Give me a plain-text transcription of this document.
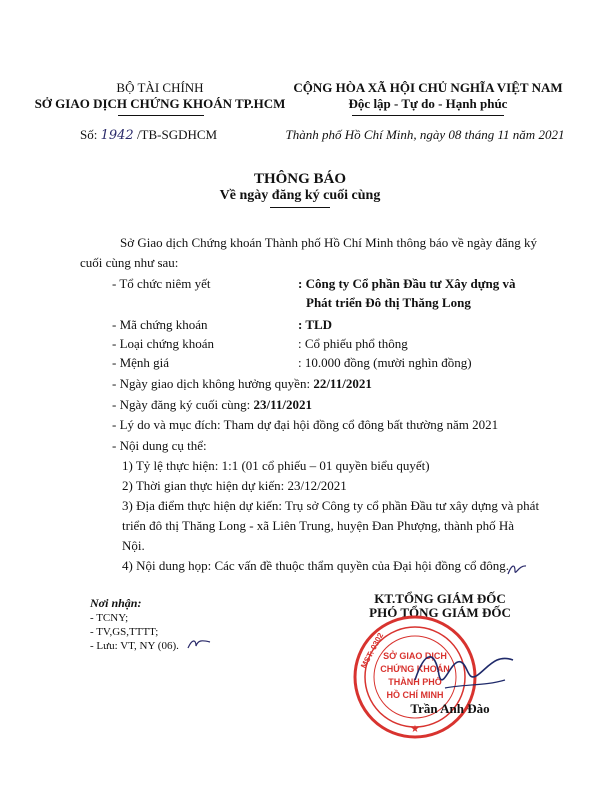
BỘ TÀI CHÍNH
SỞ GIAO DỊCH CHỨNG KHOÁN TP.HCM
Số: 1942 /TB-SGDHCM
CỘNG HÒA XÃ HỘI CHỦ NGHĨA VIỆT NAM
Độc lập - Tự do - Hạnh phúc
Thành phố Hồ Chí Minh, ngày 08 tháng 11 năm 2021
THÔNG BÁO
Về ngày đăng ký cuối cùng
Sở Giao dịch Chứng khoán Thành phố Hồ Chí Minh thông báo về ngày đăng ký
cuối cùng như sau:
- Tổ chức niêm yết	: Công ty Cổ phần Đầu tư Xây dựng và
Phát triển Đô thị Thăng Long
- Mã chứng khoán	: TLD
- Loại chứng khoán	: Cổ phiếu phổ thông
- Mệnh giá	: 10.000 đồng (mười nghìn đồng)
- Ngày giao dịch không hưởng quyền: 22/11/2021
- Ngày đăng ký cuối cùng: 23/11/2021
- Lý do và mục đích: Tham dự đại hội đồng cổ đông bất thường năm 2021
- Nội dung cụ thể:
1) Tỷ lệ thực hiện: 1:1 (01 cổ phiếu – 01 quyền biểu quyết)
2) Thời gian thực hiện dự kiến: 23/12/2021
3) Địa điểm thực hiện dự kiến: Trụ sở Công ty cổ phần Đầu tư xây dựng và phát
triển đô thị Thăng Long - xã Liên Trung, huyện Đan Phượng, thành phố Hà
Nội.
4) Nội dung họp: Các vấn đề thuộc thẩm quyền của Đại hội đồng cổ đông.
Nơi nhận:
- TCNY;
- TV,GS,TTTT;
- Lưu: VT, NY (06).
KT.TỔNG GIÁM ĐỐC
PHÓ TỔNG GIÁM ĐỐC
MST: 0302
SỞ GIAO DỊCH
CHỨNG KHOÁN
THÀNH PHỐ
HỒ CHÍ MINH
★
Trần Anh Đào
